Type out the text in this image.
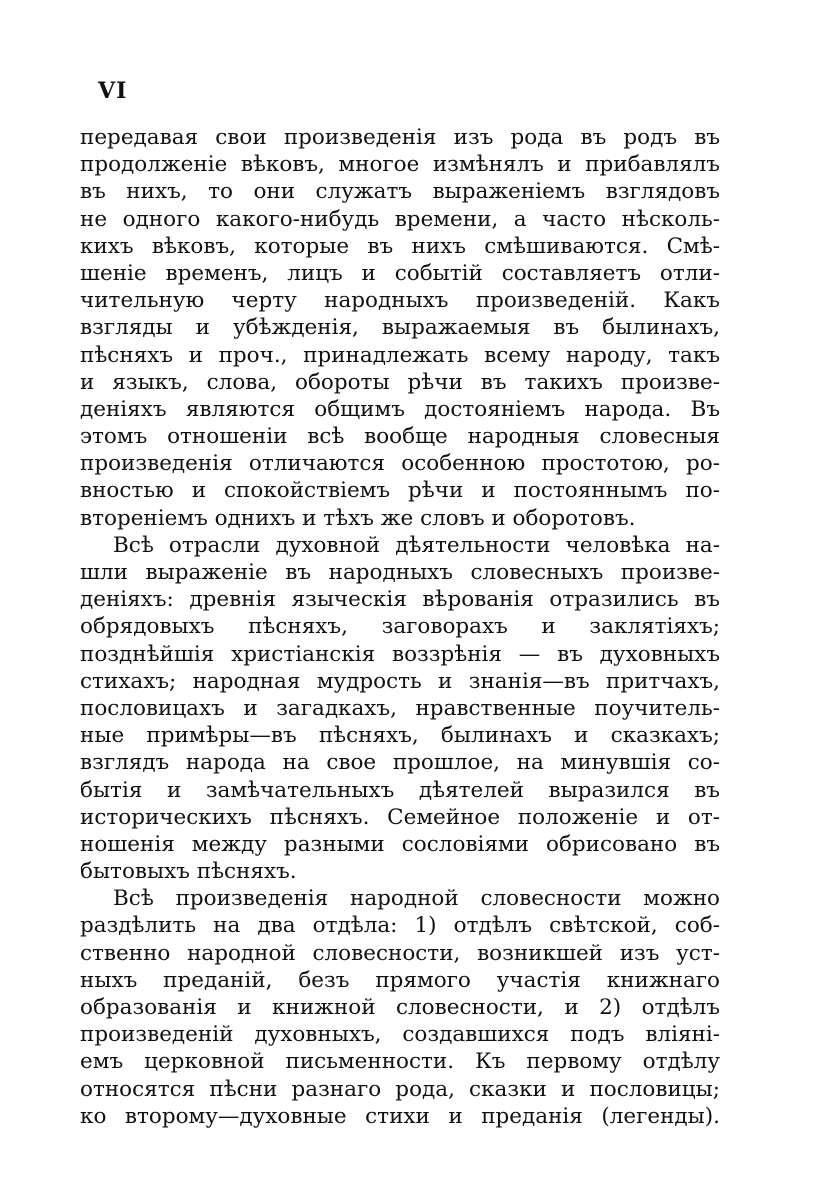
VI
передавая свои произведенія изъ рода въ родъ въ
продолженіе вѣковъ, многое измѣнялъ и прибавлялъ
въ нихъ, то они служатъ выраженіемъ взглядовъ
не одного какого-нибудь времени, а часто нѣсколь-
кихъ вѣковъ, которые въ нихъ смѣшиваются. Смѣ-
шеніе временъ, лицъ и событій составляетъ отли-
чительную черту народныхъ произведеній. Какъ
взгляды и убѣжденія, выражаемыя въ былинахъ,
пѣсняхъ и проч., принадлежать всему народу, такъ
и языкъ, слова, обороты рѣчи въ такихъ произве-
деніяхъ являются общимъ достояніемъ народа. Въ
этомъ отношеніи всѣ вообще народныя словесныя
произведенія отличаются особенною простотою, ро-
вностью и спокойствіемъ рѣчи и постояннымъ по-
втореніемъ однихъ и тѣхъ же словъ и оборотовъ.
Всѣ отрасли духовной дѣятельности человѣка на-
шли выраженіе въ народныхъ словесныхъ произве-
деніяхъ: древнія языческія вѣрованія отразились въ
обрядовыхъ пѣсняхъ, заговорахъ и заклятіяхъ;
позднѣйшія христіанскія воззрѣнія — въ духовныхъ
стихахъ; народная мудрость и знанія—въ притчахъ,
пословицахъ и загадкахъ, нравственные поучитель-
ные примѣры—въ пѣсняхъ, былинахъ и сказкахъ;
взглядъ народа на свое прошлое, на минувшія со-
бытія и замѣчательныхъ дѣятелей выразился въ
историческихъ пѣсняхъ. Семейное положеніе и от-
ношенія между разными сословіями обрисовано въ
бытовыхъ пѣсняхъ.
Всѣ произведенія народной словесности можно
раздѣлить на два отдѣла: 1) отдѣлъ свѣтской, соб-
ственно народной словесности, возникшей изъ уст-
ныхъ преданій, безъ прямого участія книжнаго
образованія и книжной словесности, и 2) отдѣлъ
произведеній духовныхъ, создавшихся подъ вліяні-
емъ церковной письменности. Къ первому отдѣлу
относятся пѣсни разнаго рода, сказки и пословицы;
ко второму—духовные стихи и преданія (легенды).
